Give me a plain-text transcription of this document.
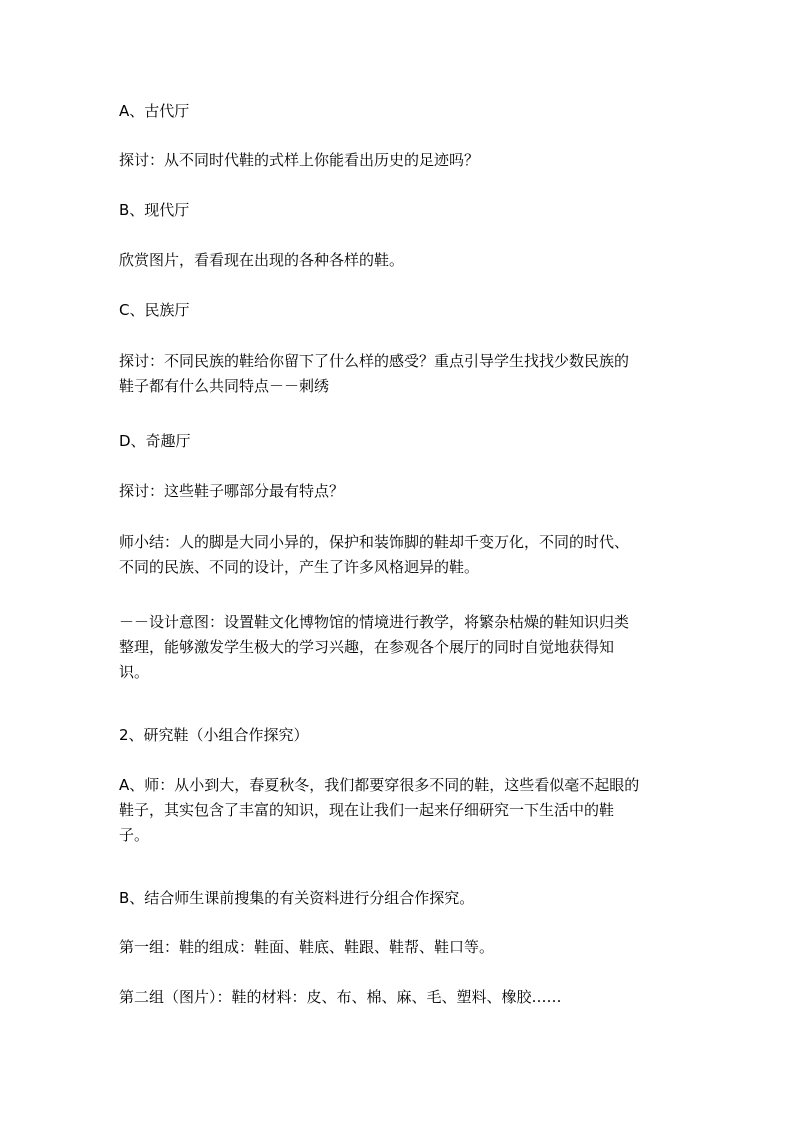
A、古代厅

探讨：从不同时代鞋的式样上你能看出历史的足迹吗？

B、现代厅

欣赏图片，看看现在出现的各种各样的鞋。

C、民族厅

探讨：不同民族的鞋给你留下了什么样的感受？重点引导学生找找少数民族的
鞋子都有什么共同特点－－刺绣

D、奇趣厅

探讨：这些鞋子哪部分最有特点？

师小结：人的脚是大同小异的，保护和装饰脚的鞋却千变万化，不同的时代、
不同的民族、不同的设计，产生了许多风格迥异的鞋。

－－设计意图：设置鞋文化博物馆的情境进行教学，将繁杂枯燥的鞋知识归类
整理，能够激发学生极大的学习兴趣，在参观各个展厅的同时自觉地获得知
识。

2、研究鞋（小组合作探究）

A、师：从小到大，春夏秋冬，我们都要穿很多不同的鞋，这些看似毫不起眼的
鞋子，其实包含了丰富的知识，现在让我们一起来仔细研究一下生活中的鞋
子。

B、结合师生课前搜集的有关资料进行分组合作探究。

第一组：鞋的组成：鞋面、鞋底、鞋跟、鞋帮、鞋口等。

第二组（图片）：鞋的材料：皮、布、棉、麻、毛、塑料、橡胶……
